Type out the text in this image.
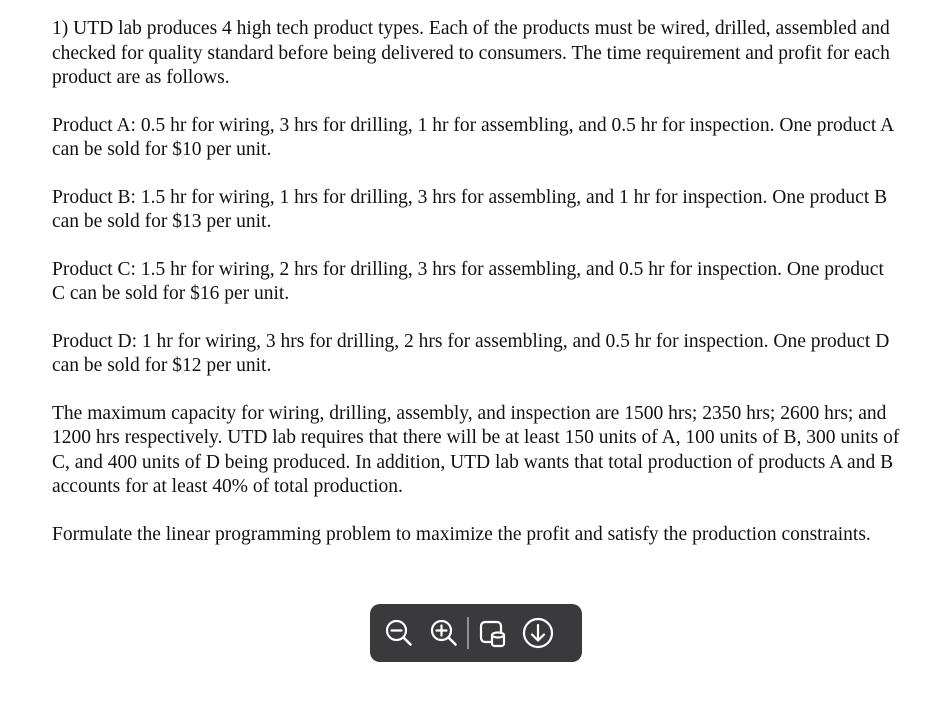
1) UTD lab produces 4 high tech product types. Each of the products must be wired, drilled, assembled and checked for quality standard before being delivered to consumers. The time requirement and profit for each product are as follows.

Product A: 0.5 hr for wiring, 3 hrs for drilling, 1 hr for assembling, and 0.5 hr for inspection. One product A can be sold for $10 per unit.

Product B: 1.5 hr for wiring, 1 hrs for drilling, 3 hrs for assembling, and 1 hr for inspection. One product B can be sold for $13 per unit.

Product C: 1.5 hr for wiring, 2 hrs for drilling, 3 hrs for assembling, and 0.5 hr for inspection. One product C can be sold for $16 per unit.

Product D: 1 hr for wiring, 3 hrs for drilling, 2 hrs for assembling, and 0.5 hr for inspection. One product D can be sold for $12 per unit.

The maximum capacity for wiring, drilling, assembly, and inspection are 1500 hrs; 2350 hrs; 2600 hrs; and 1200 hrs respectively. UTD lab requires that there will be at least 150 units of A, 100 units of B, 300 units of C, and 400 units of D being produced. In addition, UTD lab wants that total production of products A and B accounts for at least 40% of total production.

Formulate the linear programming problem to maximize the profit and satisfy the production constraints.
